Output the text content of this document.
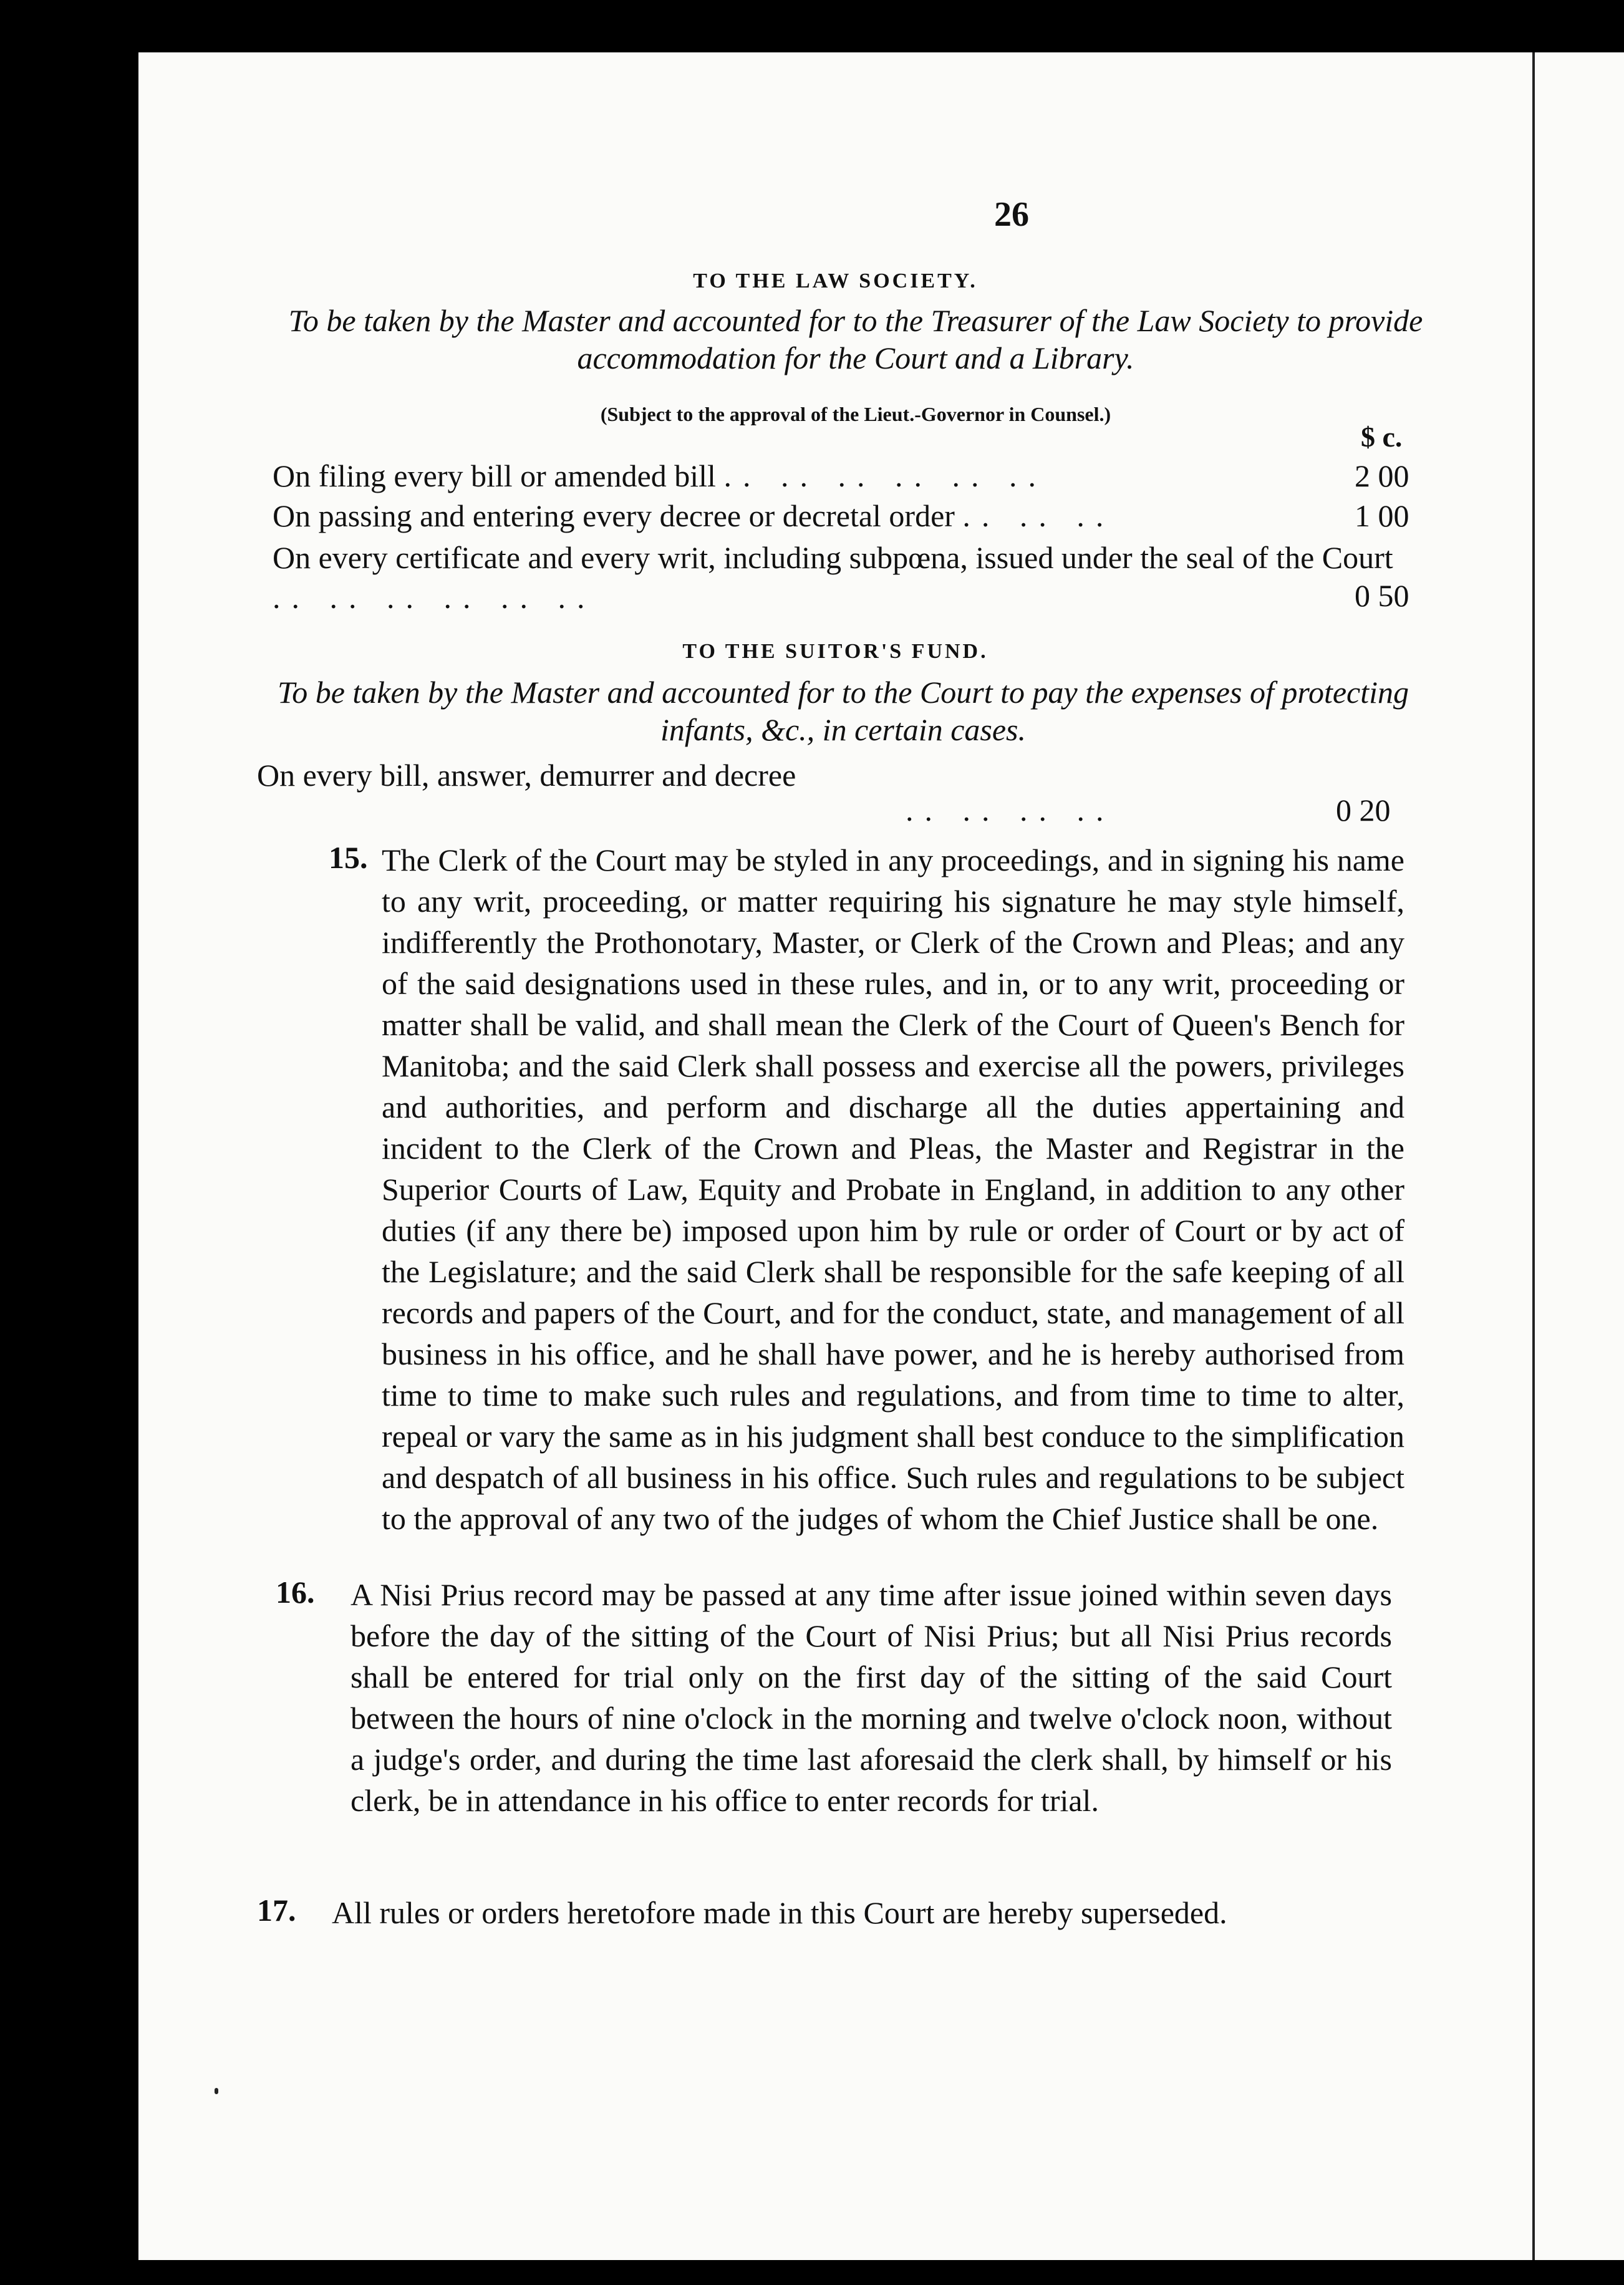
26
TO THE LAW SOCIETY.
To be taken by the Master and accounted for to the Treasurer of the Law Society to provide accommodation for the Court and a Library.
(Subject to the approval of the Lieut.-Governor in Counsel.)
$ c.
On filing every bill or amended bill .. .. .. .. .. ..	2 00
On passing and entering every decree or decretal order .. .. ..	1 00
On every certificate and every writ, including subpœna, issued under the seal of the Court .. .. .. .. .. ..	0 50
TO THE SUITOR'S FUND.
To be taken by the Master and accounted for to the Court to pay the expenses of protecting infants, &c., in certain cases.
On every bill, answer, demurrer and decree
.. .. .. ..	0 20
15. The Clerk of the Court may be styled in any proceedings, and in signing his name to any writ, proceeding, or matter requiring his signature he may style himself, indifferently the Prothonotary, Master, or Clerk of the Crown and Pleas; and any of the said designations used in these rules, and in, or to any writ, proceeding or matter shall be valid, and shall mean the Clerk of the Court of Queen's Bench for Manitoba; and the said Clerk shall possess and exercise all the powers, privileges and authorities, and perform and discharge all the duties appertaining and incident to the Clerk of the Crown and Pleas, the Master and Registrar in the Superior Courts of Law, Equity and Probate in England, in addition to any other duties (if any there be) imposed upon him by rule or order of Court or by act of the Legislature; and the said Clerk shall be responsible for the safe keeping of all records and papers of the Court, and for the conduct, state, and management of all business in his office, and he shall have power, and he is hereby authorised from time to time to make such rules and regulations, and from time to time to alter, repeal or vary the same as in his judgment shall best conduce to the simplification and despatch of all business in his office. Such rules and regulations to be subject to the approval of any two of the judges of whom the Chief Justice shall be one.
16. A Nisi Prius record may be passed at any time after issue joined within seven days before the day of the sitting of the Court of Nisi Prius; but all Nisi Prius records shall be entered for trial only on the first day of the sitting of the said Court between the hours of nine o'clock in the morning and twelve o'clock noon, without a judge's order, and during the time last aforesaid the clerk shall, by himself or his clerk, be in attendance in his office to enter records for trial.
17. All rules or orders heretofore made in this Court are hereby superseded.
